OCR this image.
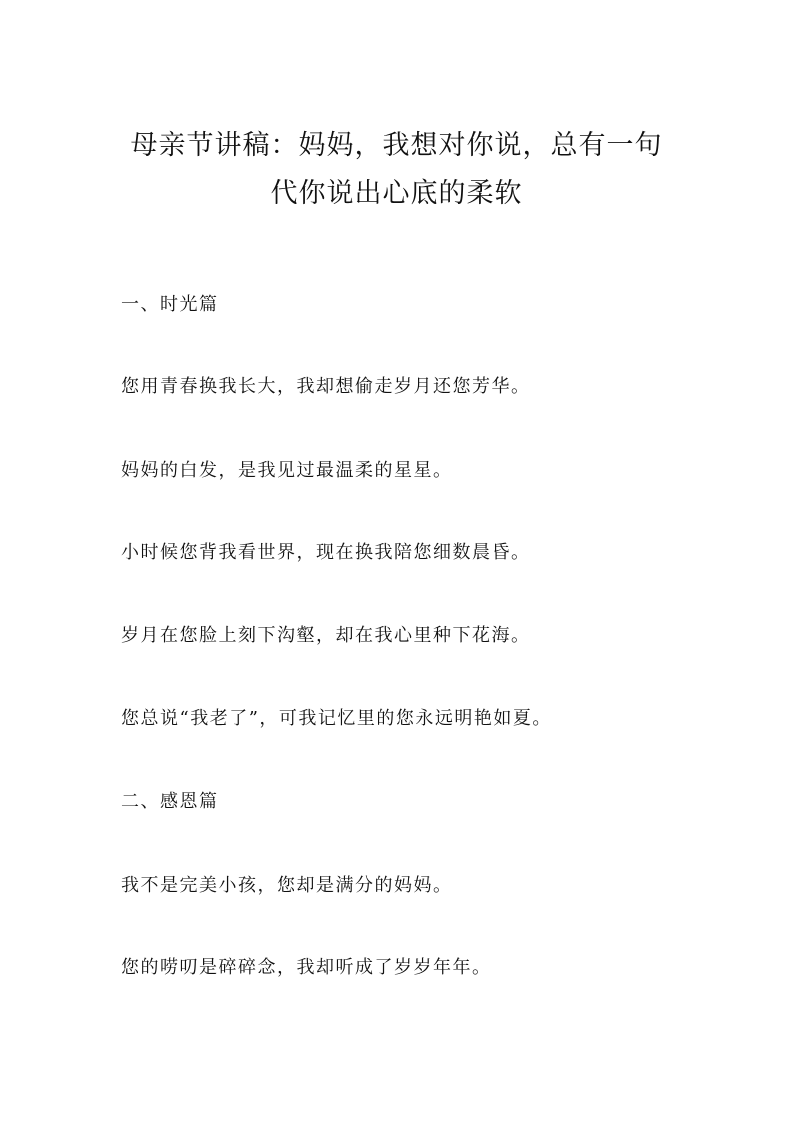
母亲节讲稿：妈妈，我想对你说，总有一句
代你说出心底的柔软

一、时光篇

您用青春换我长大，我却想偷走岁月还您芳华。

妈妈的白发，是我见过最温柔的星星。

小时候您背我看世界，现在换我陪您细数晨昏。

岁月在您脸上刻下沟壑，却在我心里种下花海。

您总说“我老了”，可我记忆里的您永远明艳如夏。

二、感恩篇

我不是完美小孩，您却是满分的妈妈。

您的唠叨是碎碎念，我却听成了岁岁年年。
